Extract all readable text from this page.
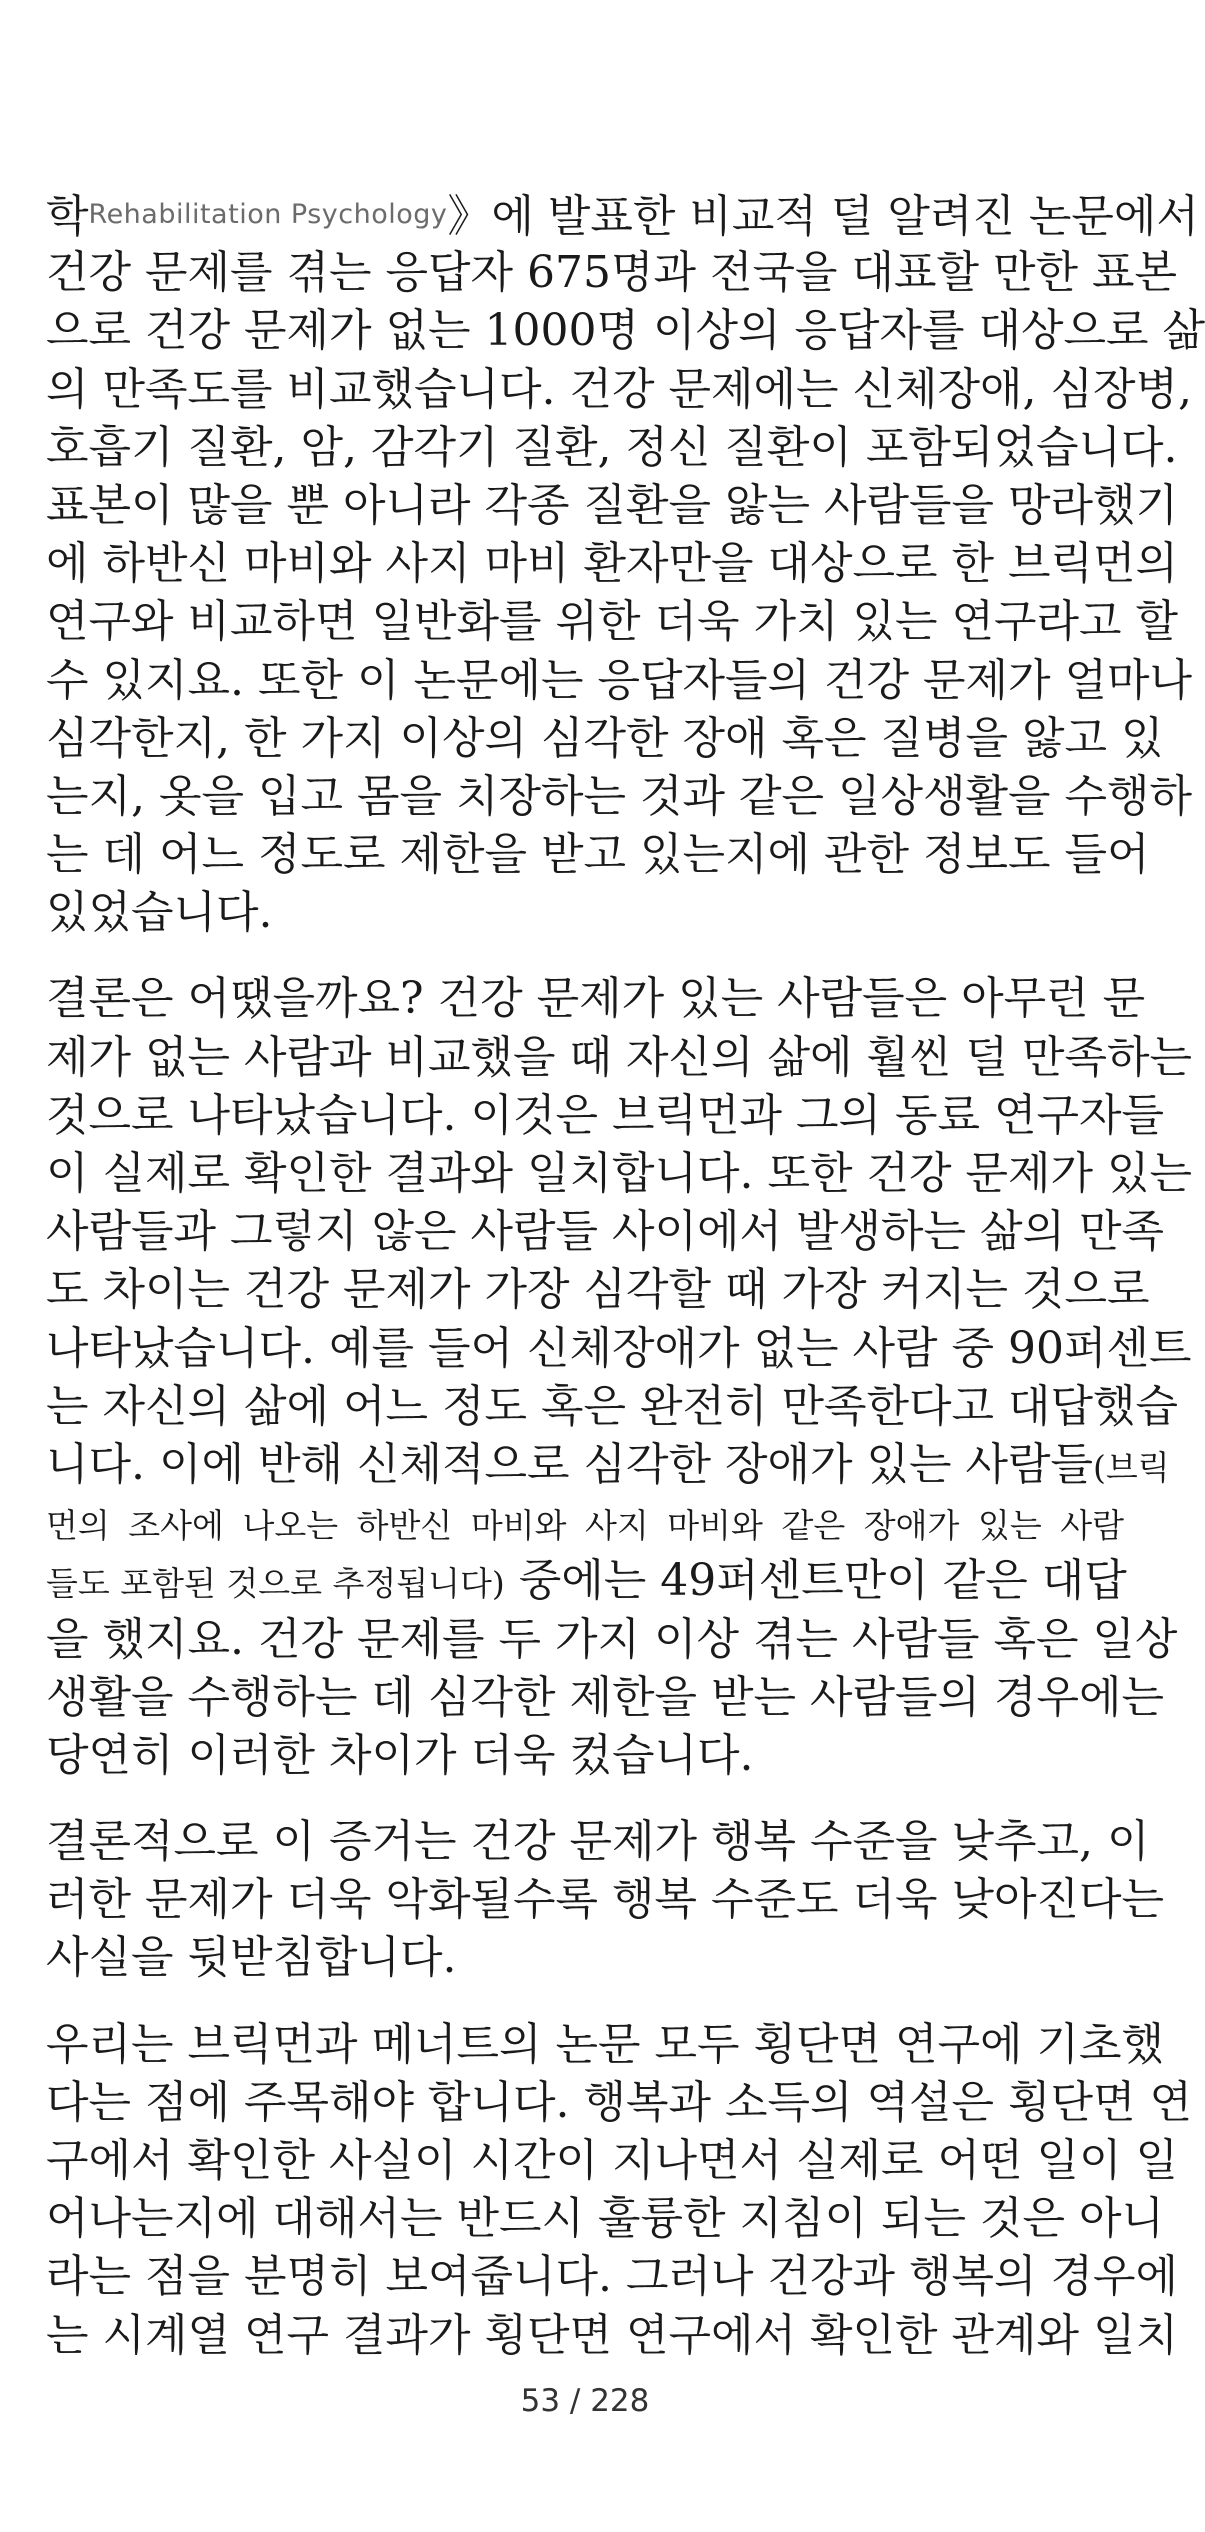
학Rehabilitation Psychology》에 발표한 비교적 덜 알려진 논문에서
건강 문제를 겪는 응답자 675명과 전국을 대표할 만한 표본
으로 건강 문제가 없는 1000명 이상의 응답자를 대상으로 삶
의 만족도를 비교했습니다. 건강 문제에는 신체장애, 심장병,
호흡기 질환, 암, 감각기 질환, 정신 질환이 포함되었습니다.
표본이 많을 뿐 아니라 각종 질환을 앓는 사람들을 망라했기
에 하반신 마비와 사지 마비 환자만을 대상으로 한 브릭먼의
연구와 비교하면 일반화를 위한 더욱 가치 있는 연구라고 할
수 있지요. 또한 이 논문에는 응답자들의 건강 문제가 얼마나
심각한지, 한 가지 이상의 심각한 장애 혹은 질병을 앓고 있
는지, 옷을 입고 몸을 치장하는 것과 같은 일상생활을 수행하
는 데 어느 정도로 제한을 받고 있는지에 관한 정보도 들어
있었습니다.
결론은 어땠을까요? 건강 문제가 있는 사람들은 아무런 문
제가 없는 사람과 비교했을 때 자신의 삶에 훨씬 덜 만족하는
것으로 나타났습니다. 이것은 브릭먼과 그의 동료 연구자들
이 실제로 확인한 결과와 일치합니다. 또한 건강 문제가 있는
사람들과 그렇지 않은 사람들 사이에서 발생하는 삶의 만족
도 차이는 건강 문제가 가장 심각할 때 가장 커지는 것으로
나타났습니다. 예를 들어 신체장애가 없는 사람 중 90퍼센트
는 자신의 삶에 어느 정도 혹은 완전히 만족한다고 대답했습
니다. 이에 반해 신체적으로 심각한 장애가 있는 사람들(브릭
먼의 조사에 나오는 하반신 마비와 사지 마비와 같은 장애가 있는 사람
들도 포함된 것으로 추정됩니다) 중에는 49퍼센트만이 같은 대답
을 했지요. 건강 문제를 두 가지 이상 겪는 사람들 혹은 일상
생활을 수행하는 데 심각한 제한을 받는 사람들의 경우에는
당연히 이러한 차이가 더욱 컸습니다.
결론적으로 이 증거는 건강 문제가 행복 수준을 낮추고, 이
러한 문제가 더욱 악화될수록 행복 수준도 더욱 낮아진다는
사실을 뒷받침합니다.
우리는 브릭먼과 메너트의 논문 모두 횡단면 연구에 기초했
다는 점에 주목해야 합니다. 행복과 소득의 역설은 횡단면 연
구에서 확인한 사실이 시간이 지나면서 실제로 어떤 일이 일
어나는지에 대해서는 반드시 훌륭한 지침이 되는 것은 아니
라는 점을 분명히 보여줍니다. 그러나 건강과 행복의 경우에
는 시계열 연구 결과가 횡단면 연구에서 확인한 관계와 일치
53 / 228
